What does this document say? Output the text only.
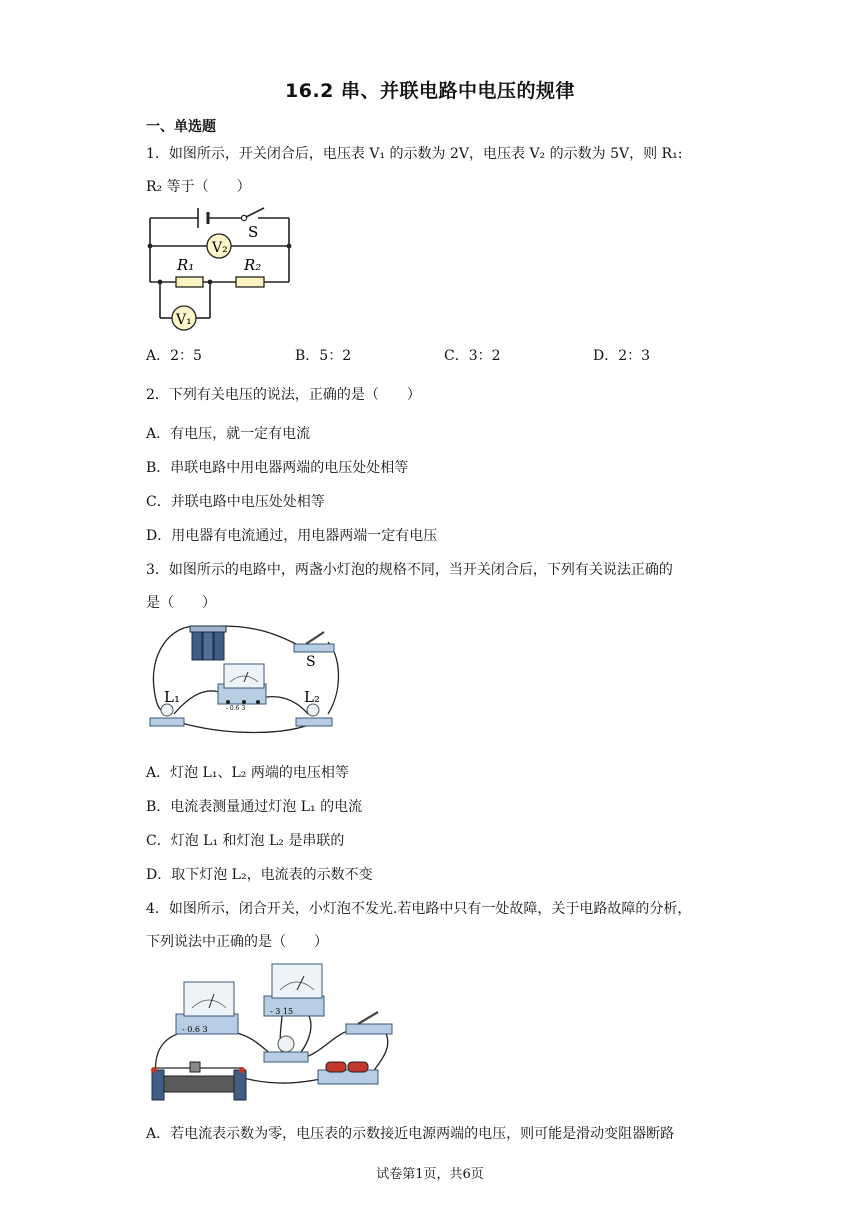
16.2 串、并联电路中电压的规律
一、单选题
1．如图所示，开关闭合后，电压表 V₁ 的示数为 2V，电压表 V₂ 的示数为 5V，则 R₁:
R₂ 等于（　　）
S
V₂
R₁	R₂
V₁
A．2：5	B．5：2	C．3：2	D．2：3
2．下列有关电压的说法，正确的是（　　）
A．有电压，就一定有电流
B．串联电路中用电器两端的电压处处相等
C．并联电路中电压处处相等
D．用电器有电流通过，用电器两端一定有电压
3．如图所示的电路中，两盏小灯泡的规格不同，当开关闭合后，下列有关说法正确的
是（　　）
- 0.6 3
S
L₁	L₂
A．灯泡 L₁、L₂ 两端的电压相等
B．电流表测量通过灯泡 L₁ 的电流
C．灯泡 L₁ 和灯泡 L₂ 是串联的
D．取下灯泡 L₂，电流表的示数不变
4．如图所示，闭合开关，小灯泡不发光.若电路中只有一处故障，关于电路故障的分析，
下列说法中正确的是（　　）
- 0.6 3
- 3 15
A．若电流表示数为零，电压表的示数接近电源两端的电压，则可能是滑动变阻器断路
试卷第1页，共6页
